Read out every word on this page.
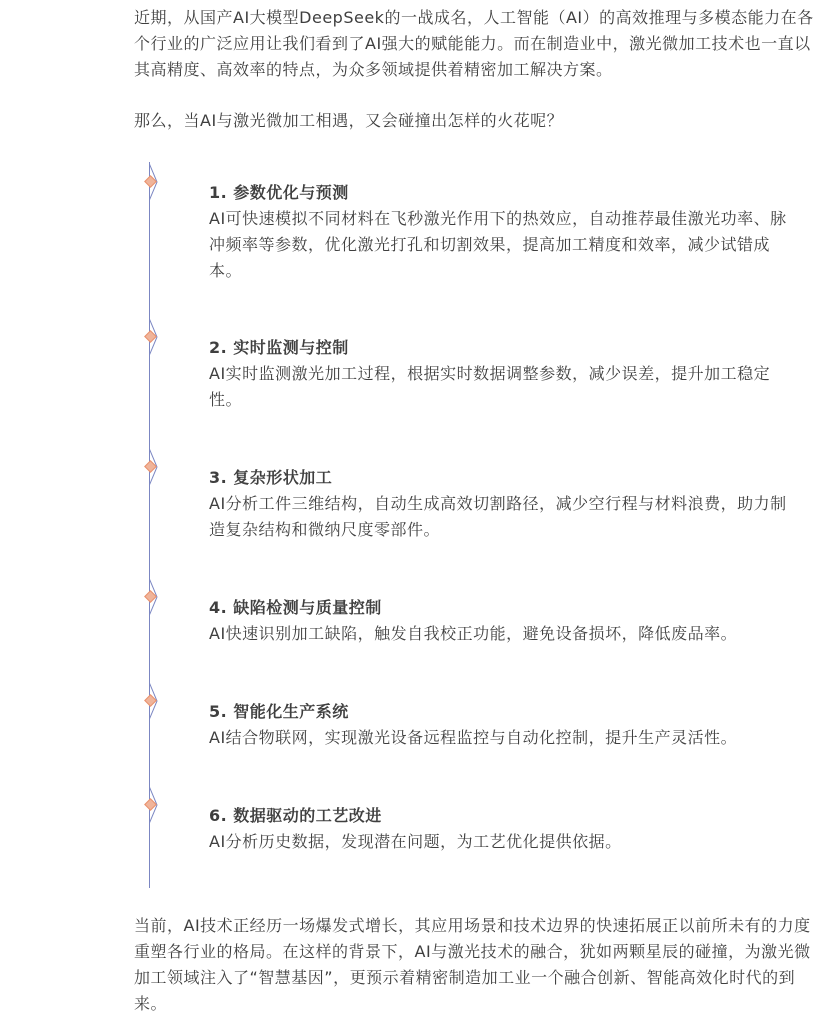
近期，从国产AI大模型DeepSeek的一战成名，人工智能（AI）的高效推理与多模态能力在各个行业的广泛应用让我们看到了AI强大的赋能能力。而在制造业中，激光微加工技术也一直以其高精度、高效率的特点，为众多领域提供着精密加工解决方案。

那么，当AI与激光微加工相遇，又会碰撞出怎样的火花呢？

1. 参数优化与预测

AI可快速模拟不同材料在飞秒激光作用下的热效应，自动推荐最佳激光功率、脉冲频率等参数，优化激光打孔和切割效果，提高加工精度和效率，减少试错成本。

2. 实时监测与控制

AI实时监测激光加工过程，根据实时数据调整参数，减少误差，提升加工稳定性。

3. 复杂形状加工

AI分析工件三维结构，自动生成高效切割路径，减少空行程与材料浪费，助力制造复杂结构和微纳尺度零部件。

4. 缺陷检测与质量控制

AI快速识别加工缺陷，触发自我校正功能，避免设备损坏，降低废品率。

5. 智能化生产系统

AI结合物联网，实现激光设备远程监控与自动化控制，提升生产灵活性。

6. 数据驱动的工艺改进

AI分析历史数据，发现潜在问题，为工艺优化提供依据。

当前，AI技术正经历一场爆发式增长，其应用场景和技术边界的快速拓展正以前所未有的力度重塑各行业的格局。在这样的背景下，AI与激光技术的融合，犹如两颗星辰的碰撞，为激光微加工领域注入了“智慧基因”，更预示着精密制造加工业一个融合创新、智能高效化时代的到来。
